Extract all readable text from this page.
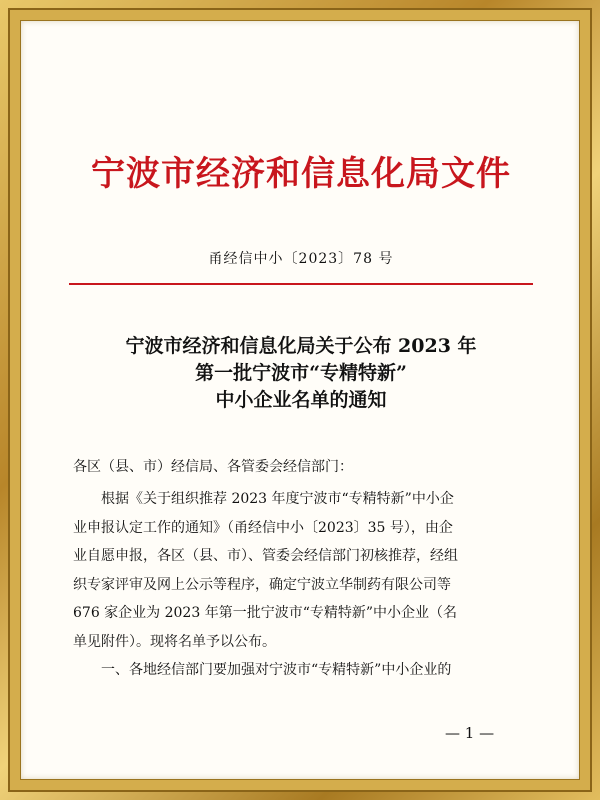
宁波市经济和信息化局文件
甬经信中小〔2023〕78 号
宁波市经济和信息化局关于公布 2023 年
第一批宁波市“专精特新”
中小企业名单的通知
各区（县、市）经信局、各管委会经信部门：
根据《关于组织推荐 2023 年度宁波市“专精特新”中小企
业申报认定工作的通知》（甬经信中小〔2023〕35 号），由企
业自愿申报，各区（县、市）、管委会经信部门初核推荐，经组
织专家评审及网上公示等程序，确定宁波立华制药有限公司等
676 家企业为 2023 年第一批宁波市“专精特新”中小企业（名
单见附件）。现将名单予以公布。
一、各地经信部门要加强对宁波市“专精特新”中小企业的
— 1 —
